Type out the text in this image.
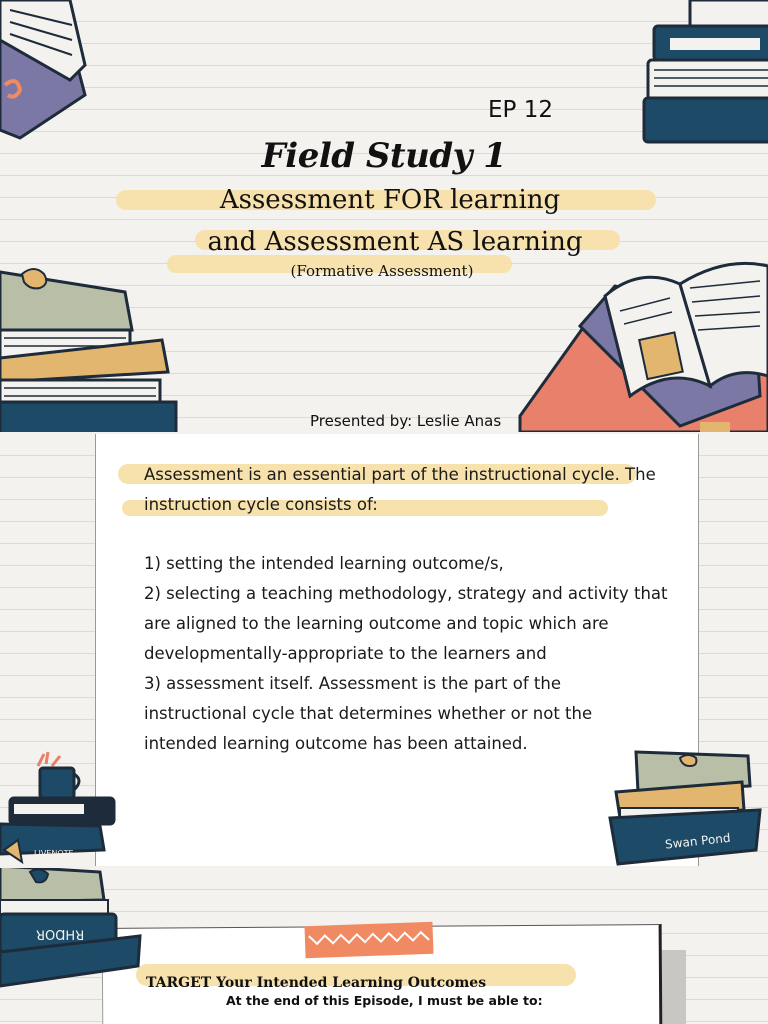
EP 12
Field Study 1
Assessment FOR learning
and Assessment AS learning
(Formative Assessment)
Presented by: Leslie Anas
Assessment is an essential part of the instructional cycle. The
instruction cycle consists of:
1) setting the intended learning outcome/s,
2) selecting a teaching methodology, strategy and activity that
are aligned to the learning outcome and topic which are
developmentally-appropriate to the learners and
3) assessment itself. Assessment is the part of the
instructional cycle that determines whether or not the
intended learning outcome has been attained.
LIVENOTE
Swan Pond
ꓤOⱭꓧꓤ
TARGET Your Intended Learning Outcomes
At the end of this Episode, I must be able to:
